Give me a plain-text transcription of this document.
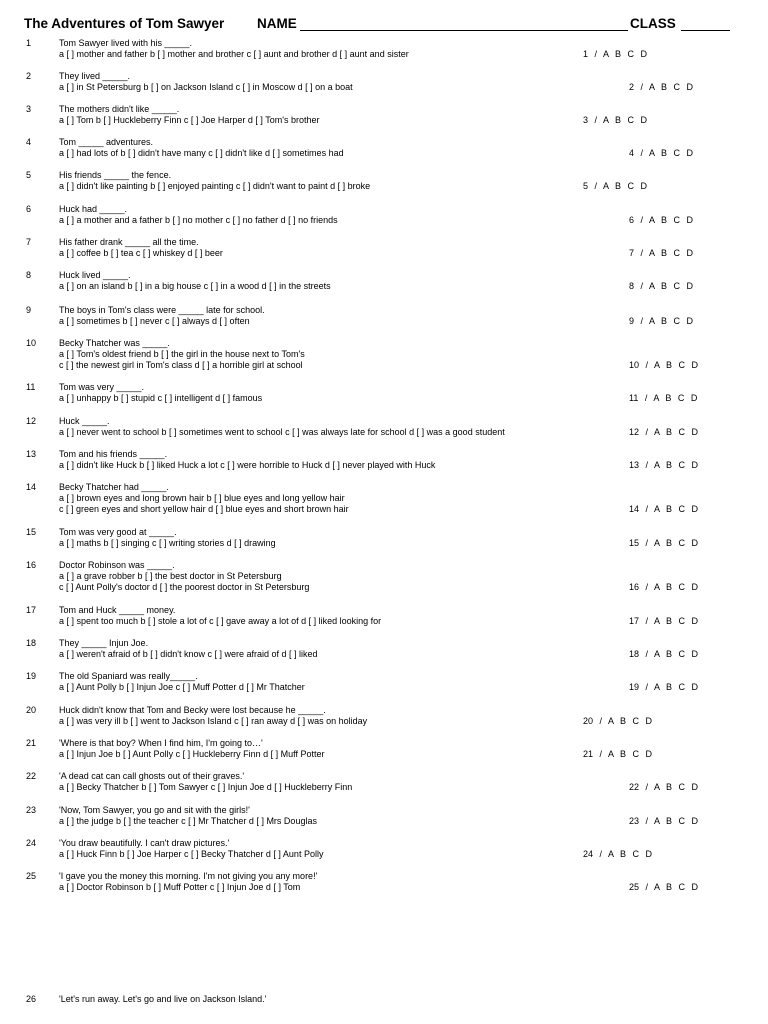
The Adventures of Tom Sawyer NAME	CLASS
1	Tom Sawyer lived with his _____.
a [ ] mother and father b [ ] mother and brother c [ ] aunt and brother d [ ] aunt and sister	1 / A B C D
2	They lived _____.
a [ ] in St Petersburg b [ ] on Jackson Island c [ ] in Moscow d [ ] on a boat	2 / A B C D
3	The mothers didn't like _____.
a [ ] Tom b [ ] Huckleberry Finn c [ ] Joe Harper d [ ] Tom's brother	3 / A B C D
4	Tom _____ adventures.
a [ ] had lots of b [ ] didn't have many c [ ] didn't like d [ ] sometimes had	4 / A B C D
5	His friends _____ the fence.
a [ ] didn't like painting b [ ] enjoyed painting c [ ] didn't want to paint d [ ] broke	5 / A B C D
6	Huck had _____.
a [ ] a mother and a father b [ ] no mother c [ ] no father d [ ] no friends	6 / A B C D
7	His father drank _____ all the time.
a [ ] coffee b [ ] tea c [ ] whiskey d [ ] beer	7 / A B C D
8	Huck lived _____.
a [ ] on an island b [ ] in a big house c [ ] in a wood d [ ] in the streets	8 / A B C D
9	The boys in Tom's class were _____ late for school.
a [ ] sometimes b [ ] never c [ ] always d [ ] often	9 / A B C D
10	Becky Thatcher was _____.
a [ ] Tom's oldest friend b [ ] the girl in the house next to Tom's
c [ ] the newest girl in Tom's class d [ ] a horrible girl at school	10 / A B C D
11	Tom was very _____.
a [ ] unhappy b [ ] stupid c [ ] intelligent d [ ] famous	11 / A B C D
12	Huck _____.
a [ ] never went to school b [ ] sometimes went to school c [ ] was always late for school d [ ] was a good student	12 / A B C D
13	Tom and his friends _____.
a [ ] didn't like Huck b [ ] liked Huck a lot c [ ] were horrible to Huck d [ ] never played with Huck	13 / A B C D
14	Becky Thatcher had _____.
a [ ] brown eyes and long brown hair b [ ] blue eyes and long yellow hair
c [ ] green eyes and short yellow hair d [ ] blue eyes and short brown hair	14 / A B C D
15	Tom was very good at _____.
a [ ] maths b [ ] singing c [ ] writing stories d [ ] drawing	15 / A B C D
16	Doctor Robinson was _____.
a [ ] a grave robber b [ ] the best doctor in St Petersburg
c [ ] Aunt Polly's doctor d [ ] the poorest doctor in St Petersburg	16 / A B C D
17	Tom and Huck _____ money.
a [ ] spent too much b [ ] stole a lot of c [ ] gave away a lot of d [ ] liked looking for	17 / A B C D
18	They _____ Injun Joe.
a [ ] weren't afraid of b [ ] didn't know c [ ] were afraid of d [ ] liked	18 / A B C D
19	The old Spaniard was really_____.
a [ ] Aunt Polly b [ ] Injun Joe c [ ] Muff Potter d [ ] Mr Thatcher	19 / A B C D
20	Huck didn't know that Tom and Becky were lost because he _____.
a [ ] was very ill b [ ] went to Jackson Island c [ ] ran away d [ ] was on holiday	20 / A B C D
21	'Where is that boy? When I find him, I'm going to…'
a [ ] Injun Joe b [ ] Aunt Polly c [ ] Huckleberry Finn d [ ] Muff Potter	21 / A B C D
22	'A dead cat can call ghosts out of their graves.'
a [ ] Becky Thatcher b [ ] Tom Sawyer c [ ] Injun Joe d [ ] Huckleberry Finn	22 / A B C D
23	'Now, Tom Sawyer, you go and sit with the girls!'
a [ ] the judge b [ ] the teacher c [ ] Mr Thatcher d [ ] Mrs Douglas	23 / A B C D
24	'You draw beautifully. I can't draw pictures.'
a [ ] Huck Finn b [ ] Joe Harper c [ ] Becky Thatcher d [ ] Aunt Polly	24 / A B C D
25	'I gave you the money this morning. I'm not giving you any more!'
a [ ] Doctor Robinson b [ ] Muff Potter c [ ] Injun Joe d [ ] Tom	25 / A B C D
26	'Let's run away. Let's go and live on Jackson Island.'
